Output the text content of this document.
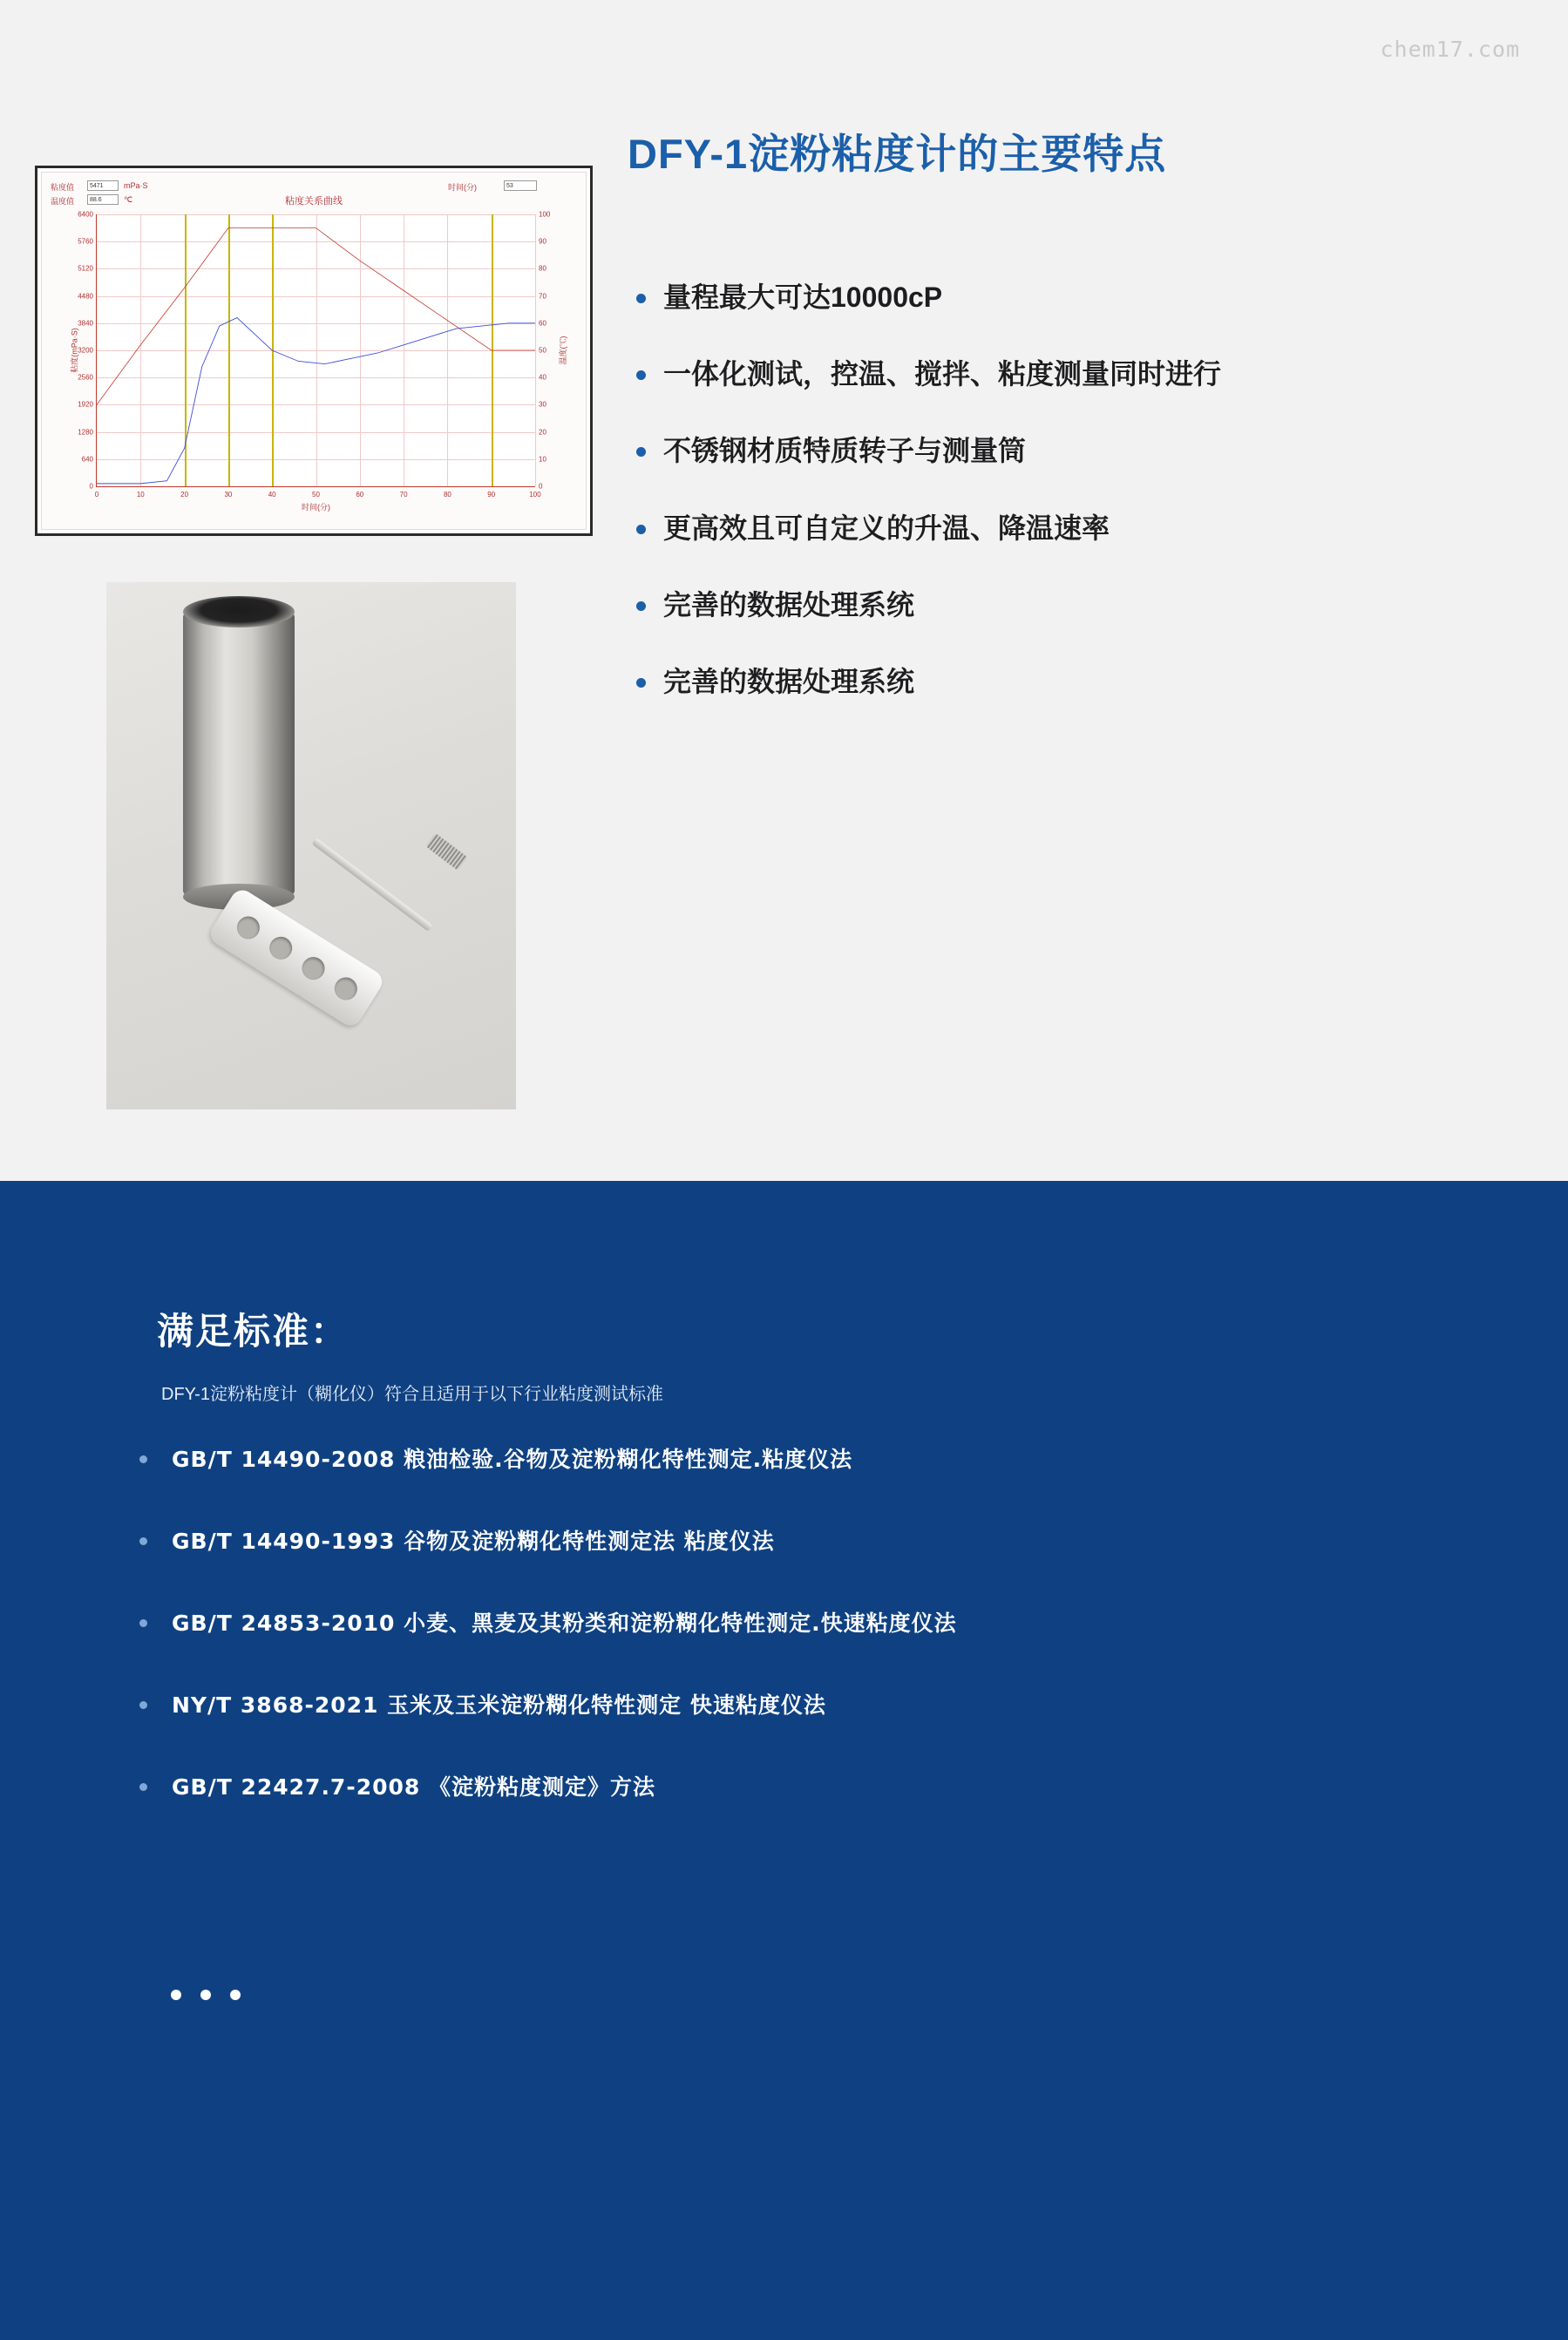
chem17.com
粘度值	5471	mPa·S
温度值	88.6	℃
时间(分)	53
粘度关系曲线
0	10	20	30	40	50	60	70	80	90	100
6400
5760
5120
4480
3840
3200
2560
1920
1280
640
0
100
90
80
70
60
50
40
30
20
10
0
时间(分)
粘度(mPa·S)	温度(℃)
DFY-1淀粉粘度计的主要特点
量程最大可达10000cP
一体化测试，控温、搅拌、粘度测量同时进行
不锈钢材质特质转子与测量筒
更高效且可自定义的升温、降温速率
完善的数据处理系统
完善的数据处理系统
满足标准：
DFY-1淀粉粘度计（糊化仪）符合且适用于以下行业粘度测试标准
GB/T 14490-2008 粮油检验.谷物及淀粉糊化特性测定.粘度仪法
GB/T 14490-1993 谷物及淀粉糊化特性测定法 粘度仪法
GB/T 24853-2010 小麦、黑麦及其粉类和淀粉糊化特性测定.快速粘度仪法
NY/T 3868-2021 玉米及玉米淀粉糊化特性测定 快速粘度仪法
GB/T 22427.7-2008 《淀粉粘度测定》方法
